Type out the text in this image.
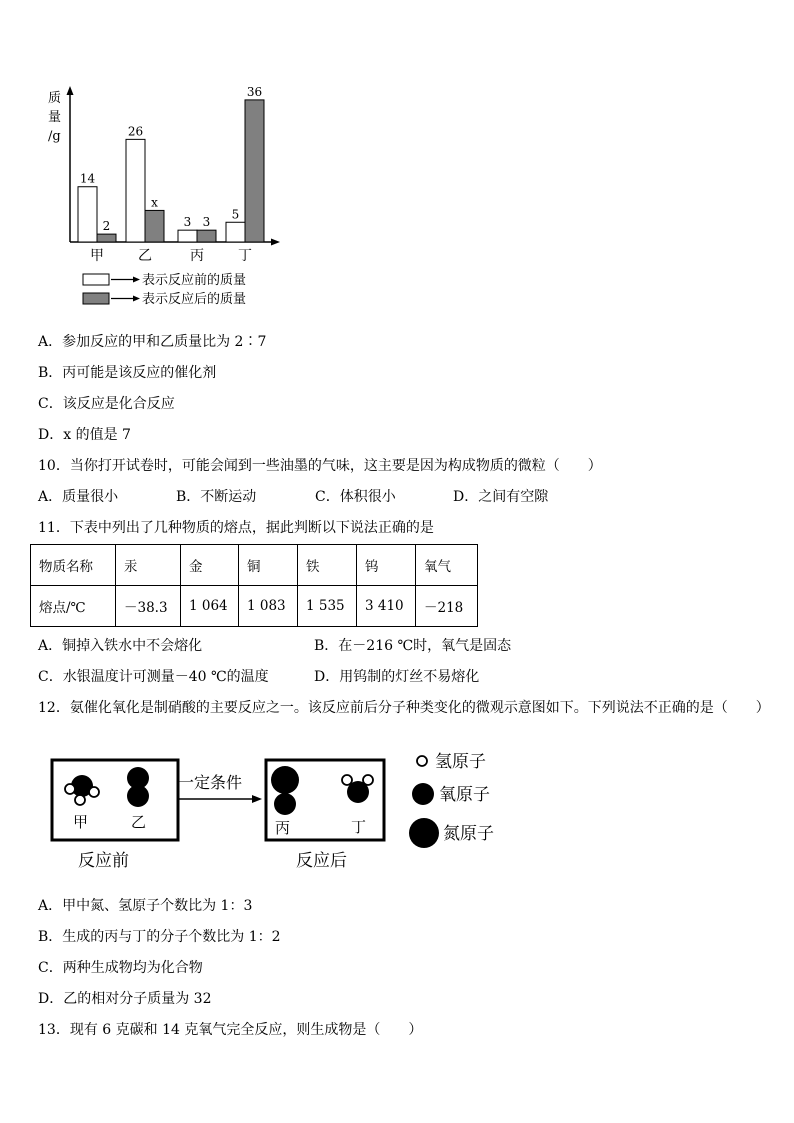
质
量
/g
14
2
甲
26
x
乙
3 3
丙
5
36
丁
表示反应前的质量
表示反应后的质量
A．参加反应的甲和乙质量比为 2∶7
B．丙可能是该反应的催化剂
C．该反应是化合反应
D．x 的值是 7
10．当你打开试卷时，可能会闻到一些油墨的气味，这主要是因为构成物质的微粒（　　）
A．质量很小	B．不断运动	C．体积很小	D．之间有空隙
11．下表中列出了几种物质的熔点，据此判断以下说法正确的是
物质名称	汞	金	铜	铁	钨	氧气
熔点/℃	－38.3	1 064	1 083	1 535	3 410	－218
A．铜掉入铁水中不会熔化	B．在－216 ℃时，氧气是固态
C．水银温度计可测量－40 ℃的温度	D．用钨制的灯丝不易熔化
12．氨催化氧化是制硝酸的主要反应之一。该反应前后分子种类变化的微观示意图如下。下列说法不正确的是（　　）
甲	乙
一定条件
丙	丁
反应前	反应后
氢原子
氧原子
氮原子
A．甲中氮、氢原子个数比为 1：3
B．生成的丙与丁的分子个数比为 1：2
C．两种生成物均为化合物
D．乙的相对分子质量为 32
13．现有 6 克碳和 14 克氧气完全反应，则生成物是（　　）
